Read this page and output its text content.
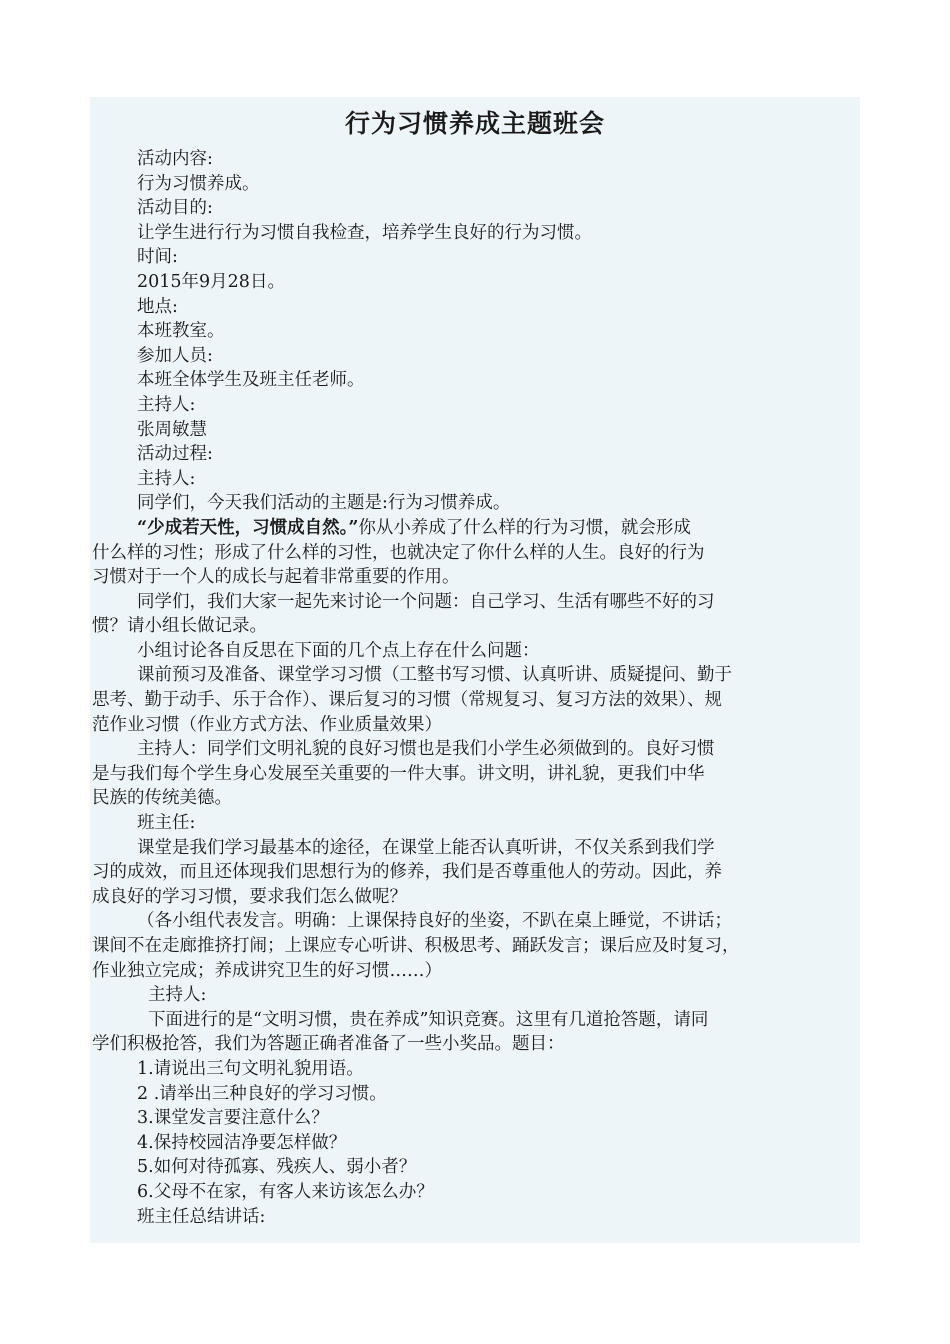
行为习惯养成主题班会
活动内容:
行为习惯养成。
活动目的:
让学生进行行为习惯自我检查，培养学生良好的行为习惯。
时间:
2015年9月28日。
地点:
本班教室。
参加人员:
本班全体学生及班主任老师。
主持人:
张周敏慧
活动过程:
主持人:
同学们，今天我们活动的主题是:行为习惯养成。
“少成若天性，习惯成自然。”你从小养成了什么样的行为习惯，就会形成
什么样的习性；形成了什么样的习性，也就决定了你什么样的人生。良好的行为
习惯对于一个人的成长与起着非常重要的作用。
同学们，我们大家一起先来讨论一个问题：自己学习、生活有哪些不好的习
惯？请小组长做记录。
小组讨论各自反思在下面的几个点上存在什么问题：
课前预习及准备、课堂学习习惯（工整书写习惯、认真听讲、质疑提问、勤于
思考、勤于动手、乐于合作）、课后复习的习惯（常规复习、复习方法的效果）、规
范作业习惯（作业方式方法、作业质量效果）
主持人：同学们文明礼貌的良好习惯也是我们小学生必须做到的。良好习惯
是与我们每个学生身心发展至关重要的一件大事。讲文明，讲礼貌，更我们中华
民族的传统美德。
班主任:
课堂是我们学习最基本的途径，在课堂上能否认真听讲，不仅关系到我们学
习的成效，而且还体现我们思想行为的修养，我们是否尊重他人的劳动。因此，养
成良好的学习习惯，要求我们怎么做呢？
（各小组代表发言。明确：上课保持良好的坐姿，不趴在桌上睡觉，不讲话；
课间不在走廊推挤打闹；上课应专心听讲、积极思考、踊跃发言；课后应及时复习，
作业独立完成；养成讲究卫生的好习惯……）
主持人:
下面进行的是“文明习惯，贵在养成”知识竞赛。这里有几道抢答题，请同
学们积极抢答，我们为答题正确者准备了一些小奖品。题目：
1.请说出三句文明礼貌用语。
2 .请举出三种良好的学习习惯。
3.课堂发言要注意什么？
4.保持校园洁净要怎样做？
5.如何对待孤寡、残疾人、弱小者？
6.父母不在家，有客人来访该怎么办？
班主任总结讲话:
